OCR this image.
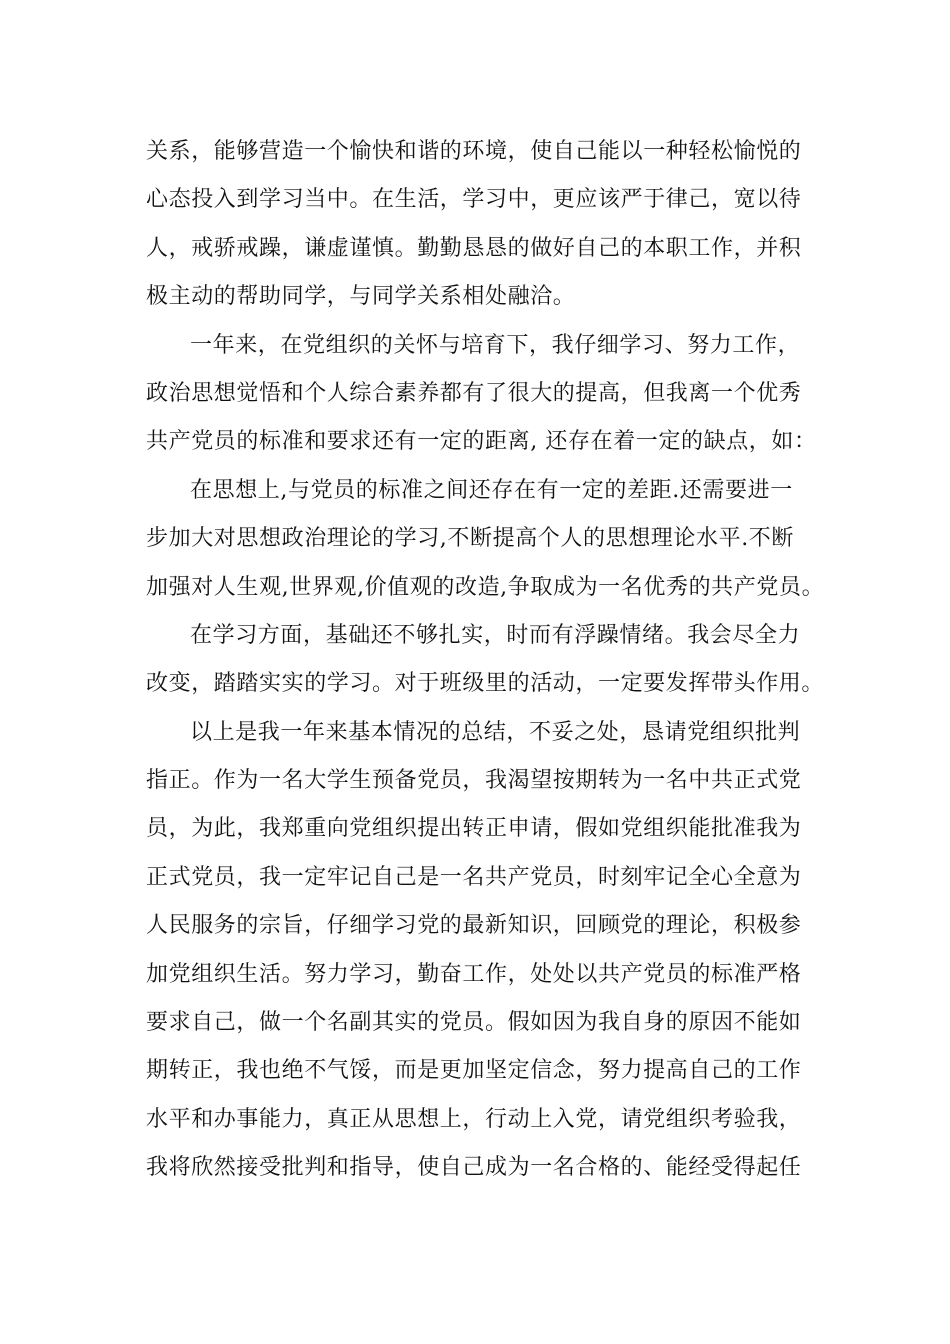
关系，能够营造一个愉快和谐的环境，使自己能以一种轻松愉悦的
心态投入到学习当中。在生活，学习中，更应该严于律己，宽以待
人，戒骄戒躁，谦虚谨慎。勤勤恳恳的做好自己的本职工作，并积
极主动的帮助同学，与同学关系相处融洽。
一年来，在党组织的关怀与培育下，我仔细学习、努力工作，
政治思想觉悟和个人综合素养都有了很大的提高，但我离一个优秀
共产党员的标准和要求还有一定的距离, 还存在着一定的缺点，如：
在思想上,与党员的标准之间还存在有一定的差距.还需要进一
步加大对思想政治理论的学习,不断提高个人的思想理论水平.不断
加强对人生观,世界观,价值观的改造,争取成为一名优秀的共产党员。
在学习方面，基础还不够扎实，时而有浮躁情绪。我会尽全力
改变，踏踏实实的学习。对于班级里的活动，一定要发挥带头作用。
以上是我一年来基本情况的总结，不妥之处，恳请党组织批判
指正。作为一名大学生预备党员，我渴望按期转为一名中共正式党
员，为此，我郑重向党组织提出转正申请，假如党组织能批准我为
正式党员，我一定牢记自己是一名共产党员，时刻牢记全心全意为
人民服务的宗旨，仔细学习党的最新知识，回顾党的理论，积极参
加党组织生活。努力学习，勤奋工作，处处以共产党员的标准严格
要求自己，做一个名副其实的党员。假如因为我自身的原因不能如
期转正，我也绝不气馁，而是更加坚定信念，努力提高自己的工作
水平和办事能力，真正从思想上，行动上入党，请党组织考验我，
我将欣然接受批判和指导，使自己成为一名合格的、能经受得起任
